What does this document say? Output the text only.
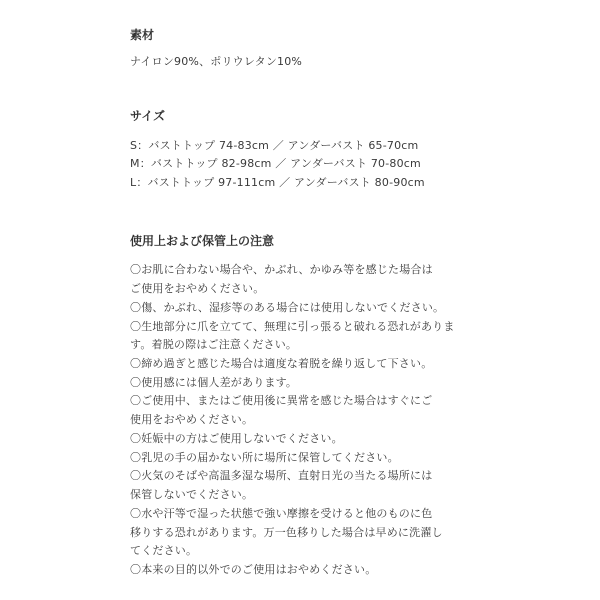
素材
ナイロン90%、ポリウレタン10%
サイズ
S：バストトップ 74-83cm ／ アンダーバスト 65-70cm
M：バストトップ 82-98cm ／ アンダーバスト 70-80cm
L：バストトップ 97-111cm ／ アンダーバスト 80-90cm
使用上および保管上の注意
〇お肌に合わない場合や、かぶれ、かゆみ等を感じた場合は
ご使用をおやめください。
〇傷、かぶれ、湿疹等のある場合には使用しないでください。
〇生地部分に爪を立てて、無理に引っ張ると破れる恐れがありま
す。着脱の際はご注意ください。
〇締め過ぎと感じた場合は適度な着脱を繰り返して下さい。
〇使用感には個人差があります。
〇ご使用中、またはご使用後に異常を感じた場合はすぐにご
使用をおやめください。
〇妊娠中の方はご使用しないでください。
〇乳児の手の届かない所に場所に保管してください。
〇火気のそばや高温多湿な場所、直射日光の当たる場所には
保管しないでください。
〇水や汗等で湿った状態で強い摩擦を受けると他のものに色
移りする恐れがあります。万一色移りした場合は早めに洗濯し
てください。
〇本来の目的以外でのご使用はおやめください。
